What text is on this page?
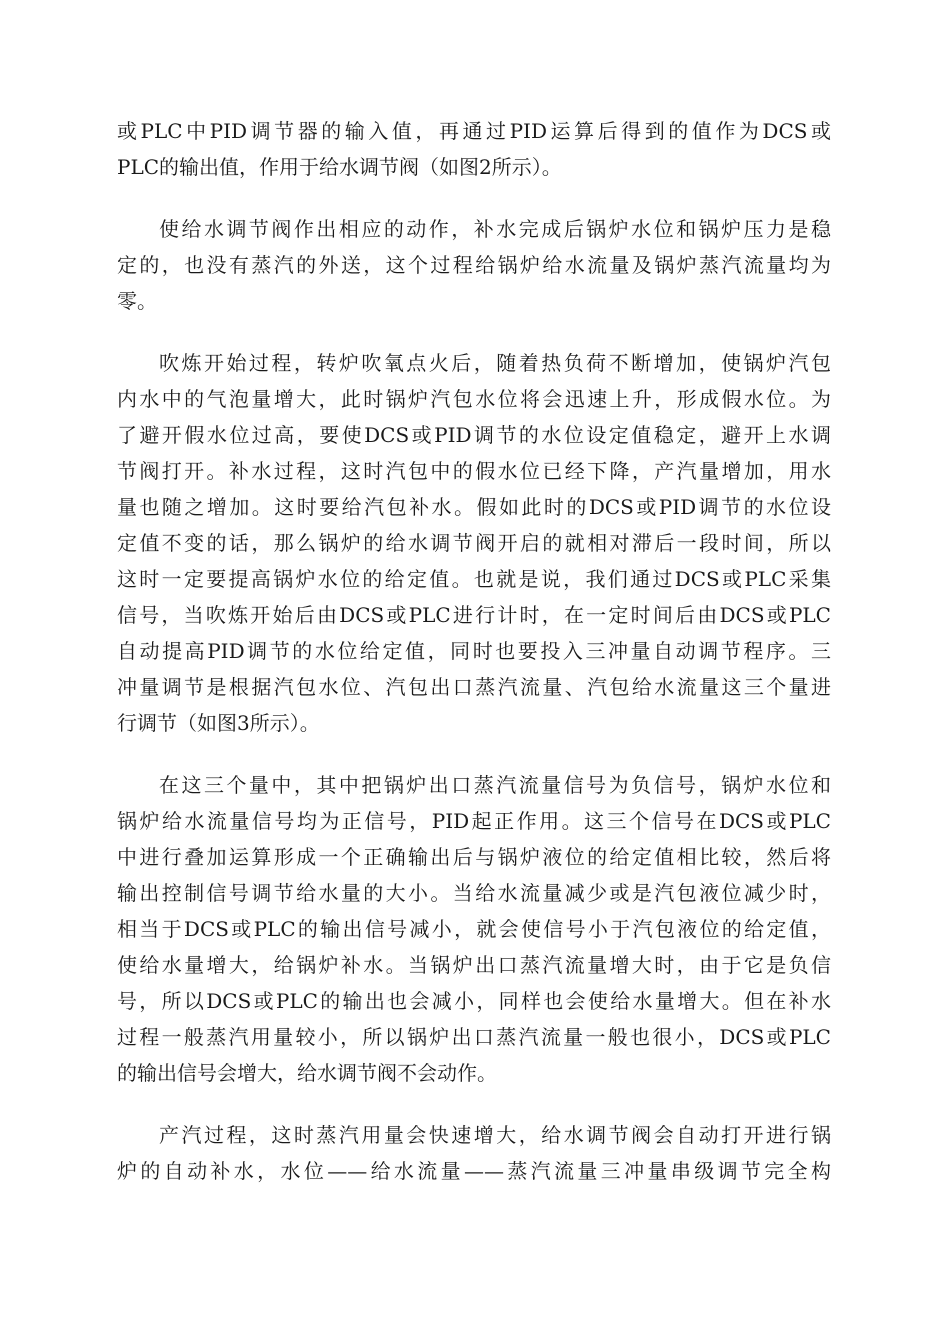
或PLC中PID调节器的输入值，再通过PID运算后得到的值作为DCS或
PLC的输出值，作用于给水调节阀（如图2所示）。
使给水调节阀作出相应的动作，补水完成后锅炉水位和锅炉压力是稳
定的，也没有蒸汽的外送，这个过程给锅炉给水流量及锅炉蒸汽流量均为
零。
吹炼开始过程，转炉吹氧点火后，随着热负荷不断增加，使锅炉汽包
内水中的气泡量增大，此时锅炉汽包水位将会迅速上升，形成假水位。为
了避开假水位过高，要使DCS或PID调节的水位设定值稳定，避开上水调
节阀打开。补水过程，这时汽包中的假水位已经下降，产汽量增加，用水
量也随之增加。这时要给汽包补水。假如此时的DCS或PID调节的水位设
定值不变的话，那么锅炉的给水调节阀开启的就相对滞后一段时间，所以
这时一定要提高锅炉水位的给定值。也就是说，我们通过DCS或PLC采集
信号，当吹炼开始后由DCS或PLC进行计时，在一定时间后由DCS或PLC
自动提高PID调节的水位给定值，同时也要投入三冲量自动调节程序。三
冲量调节是根据汽包水位、汽包出口蒸汽流量、汽包给水流量这三个量进
行调节（如图3所示）。
在这三个量中，其中把锅炉出口蒸汽流量信号为负信号，锅炉水位和
锅炉给水流量信号均为正信号，PID起正作用。这三个信号在DCS或PLC
中进行叠加运算形成一个正确输出后与锅炉液位的给定值相比较，然后将
输出控制信号调节给水量的大小。当给水流量减少或是汽包液位减少时，
相当于DCS或PLC的输出信号减小，就会使信号小于汽包液位的给定值，
使给水量增大，给锅炉补水。当锅炉出口蒸汽流量增大时，由于它是负信
号，所以DCS或PLC的输出也会减小，同样也会使给水量增大。但在补水
过程一般蒸汽用量较小，所以锅炉出口蒸汽流量一般也很小，DCS或PLC
的输出信号会增大，给水调节阀不会动作。
产汽过程，这时蒸汽用量会快速增大，给水调节阀会自动打开进行锅
炉的自动补水，水位——给水流量——蒸汽流量三冲量串级调节完全构
